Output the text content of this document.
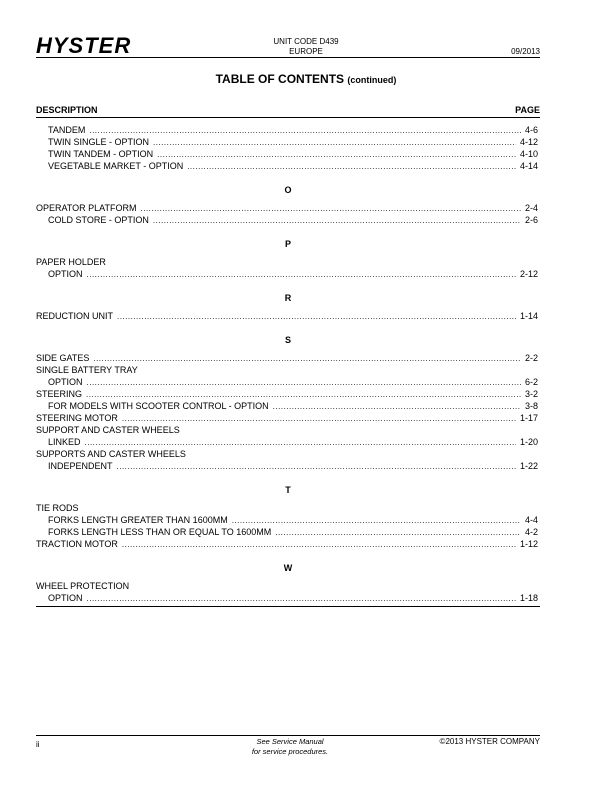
HYSTER	UNIT CODE D439
EUROPE	09/2013
TABLE OF CONTENTS (continued)
DESCRIPTION	PAGE
TANDEM .....	4-6
TWIN SINGLE - OPTION .....	4-12
TWIN TANDEM - OPTION .....	4-10
VEGETABLE MARKET - OPTION .....	4-14
O
OPERATOR PLATFORM .....	2-4
COLD STORE - OPTION .....	2-6
P
PAPER HOLDER
OPTION .....	2-12
R
REDUCTION UNIT .....	1-14
S
SIDE GATES .....	2-2
SINGLE BATTERY TRAY
OPTION .....	6-2
STEERING .....	3-2
FOR MODELS WITH SCOOTER CONTROL - OPTION .....	3-8
STEERING MOTOR .....	1-17
SUPPORT AND CASTER WHEELS
LINKED .....	1-20
SUPPORTS AND CASTER WHEELS
INDEPENDENT .....	1-22
T
TIE RODS
FORKS LENGTH GREATER THAN 1600MM .....	4-4
FORKS LENGTH LESS THAN OR EQUAL TO 1600MM .....	4-2
TRACTION MOTOR .....	1-12
W
WHEEL PROTECTION
OPTION .....	1-18
ii	See Service Manual
for service procedures.
©2013 HYSTER COMPANY
